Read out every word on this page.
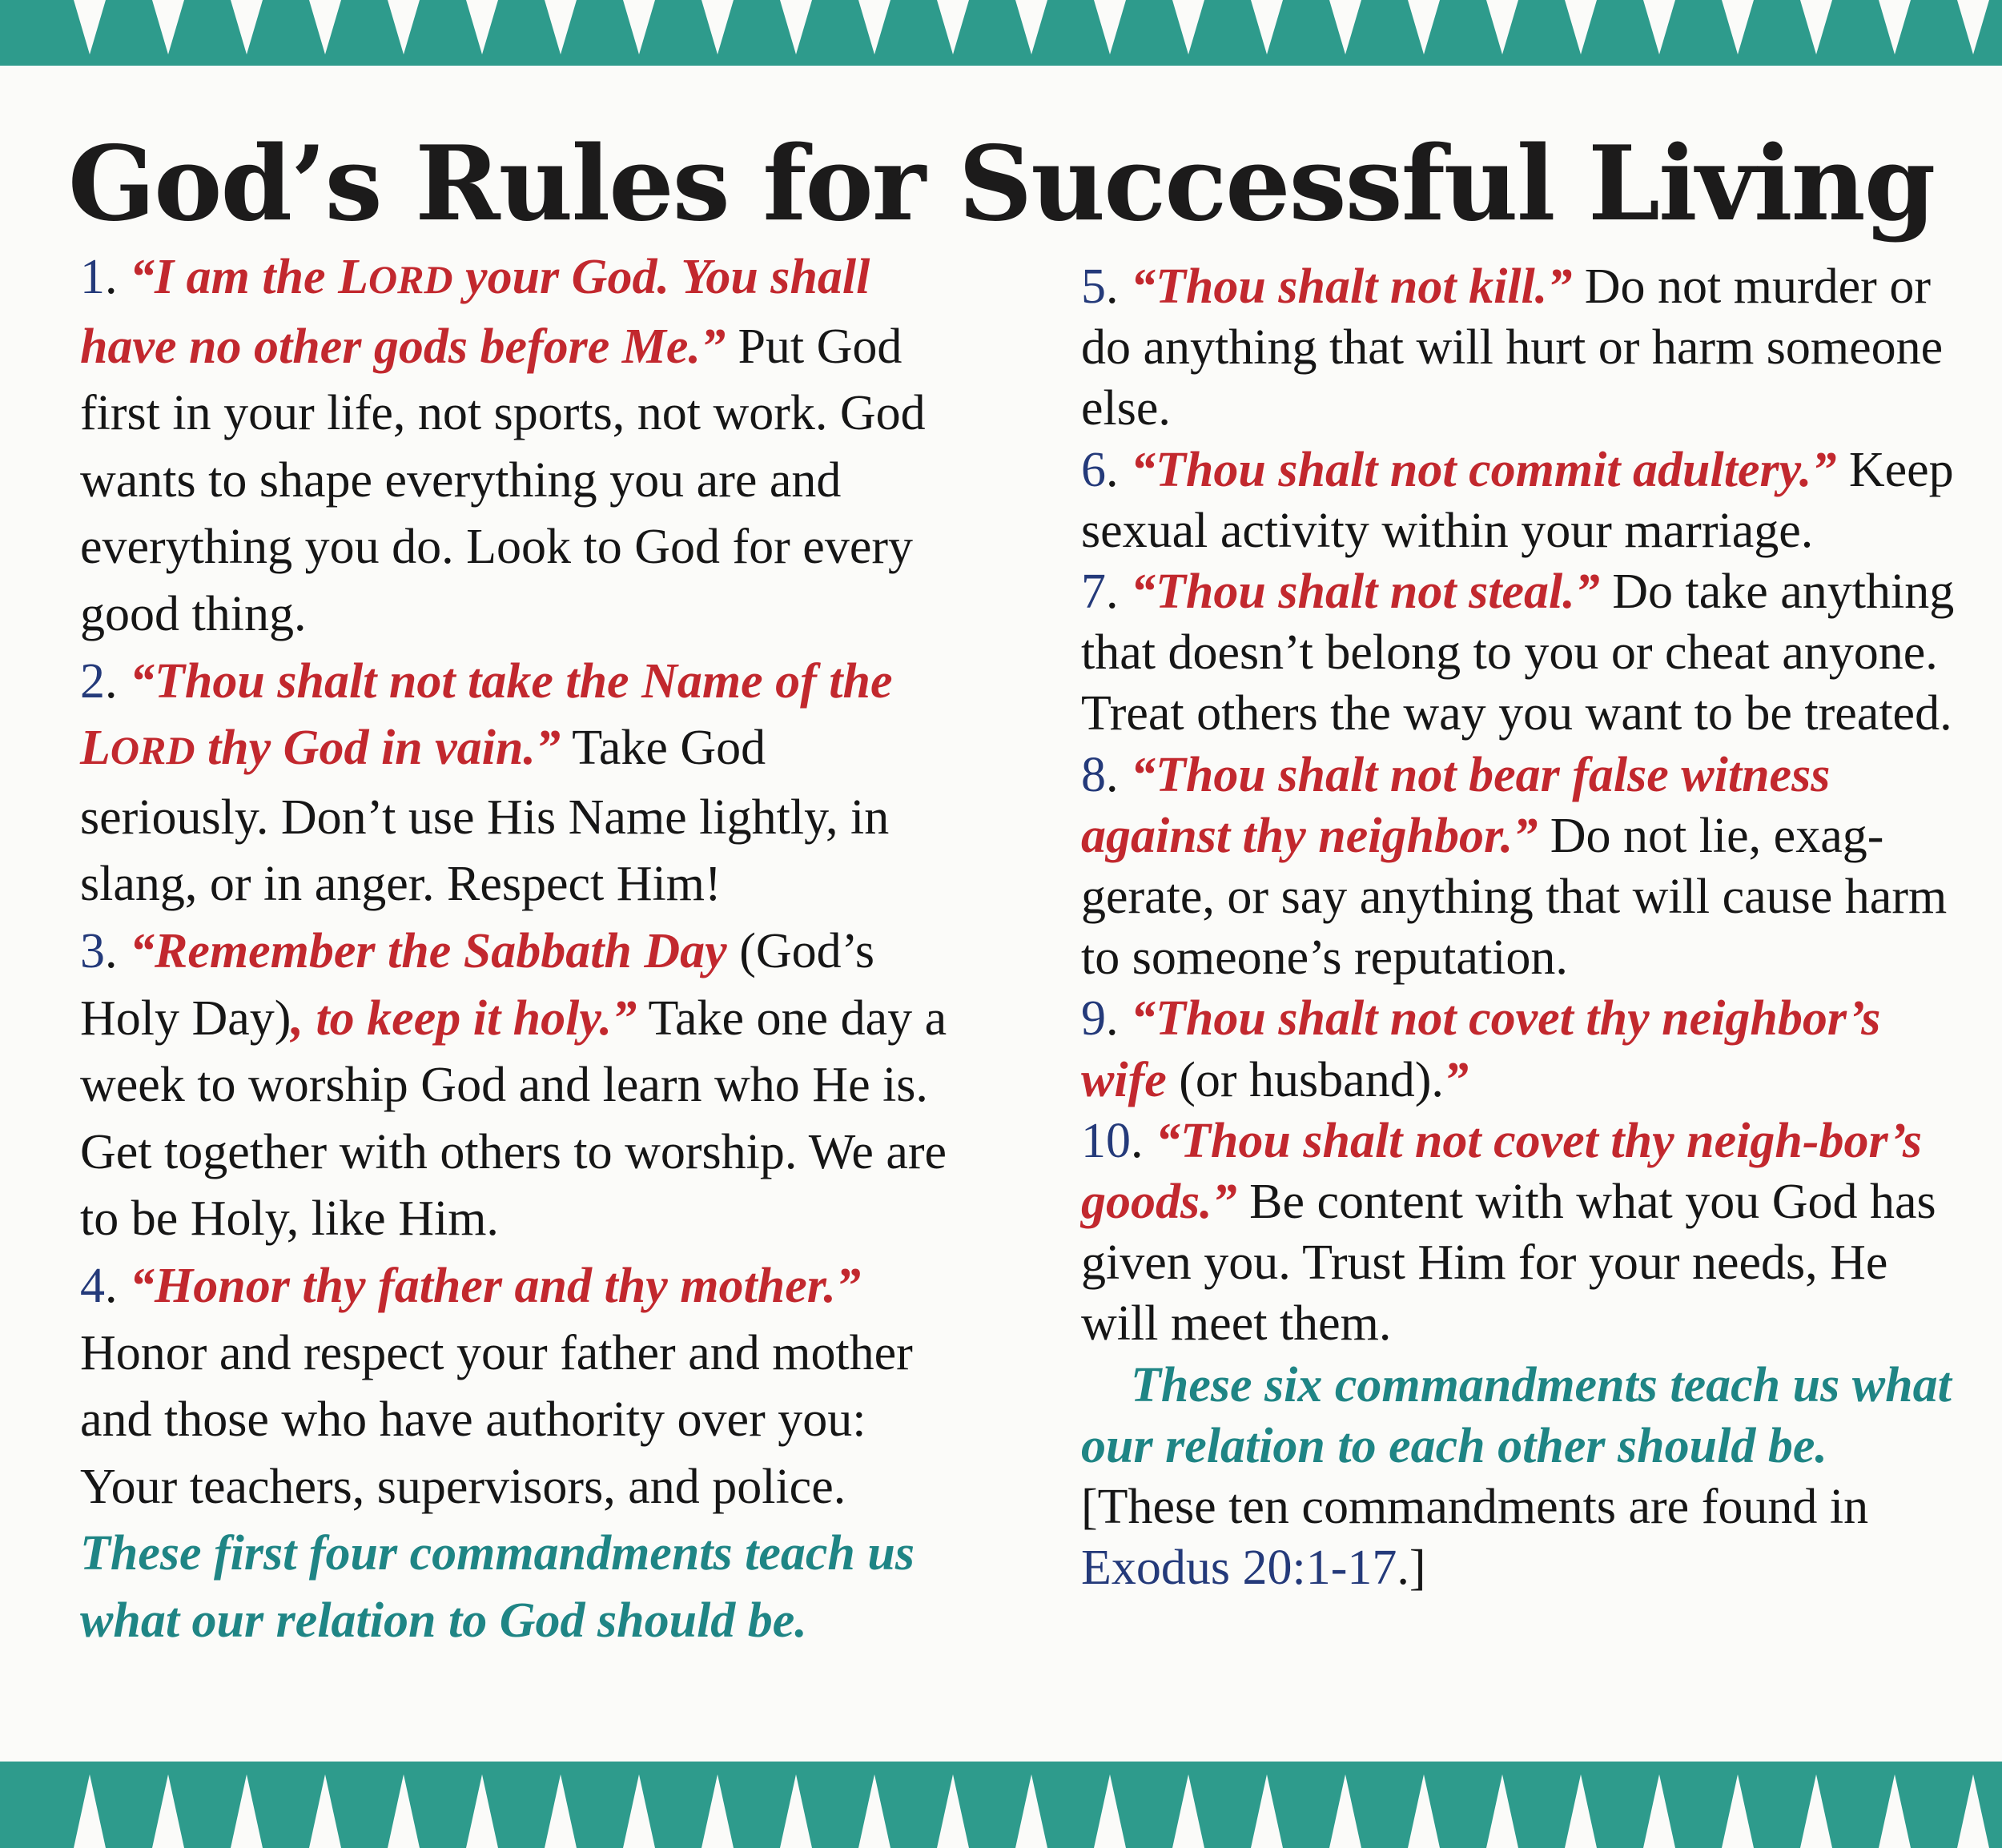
God’s Rules for Successful Living

1. “I am the LORD your God. You shall have no other gods before Me.” Put God first in your life, not sports, not work. God wants to shape everything you are and everything you do. Look to God for every good thing.

2. “Thou shalt not take the Name of the LORD thy God in vain.” Take God seriously. Don’t use His Name lightly, in slang, or in anger. Respect Him!

3. “Remember the Sabbath Day (God’s Holy Day), to keep it holy.” Take one day a week to worship God and learn who He is. Get together with others to worship. We are to be Holy, like Him.

4. “Honor thy father and thy mother.” Honor and respect your father and mother and those who have authority over you: Your teachers, supervisors, and police.

These first four commandments teach us what our relation to God should be.

5. “Thou shalt not kill.” Do not murder or do anything that will hurt or harm someone else.

6. “Thou shalt not commit adultery.” Keep sexual activity within your marriage.

7. “Thou shalt not steal.” Do take anything that doesn’t belong to you or cheat anyone. Treat others the way you want to be treated.

8. “Thou shalt not bear false witness against thy neighbor.” Do not lie, exag-gerate, or say anything that will cause harm to someone’s reputation.

9. “Thou shalt not covet thy neighbor’s wife (or husband).”

10. “Thou shalt not covet thy neigh-bor’s goods.” Be content with what you God has given you. Trust Him for your needs, He will meet them.

 These six commandments teach us what our relation to each other should be. [These ten commandments are found in Exodus 20:1-17.]
